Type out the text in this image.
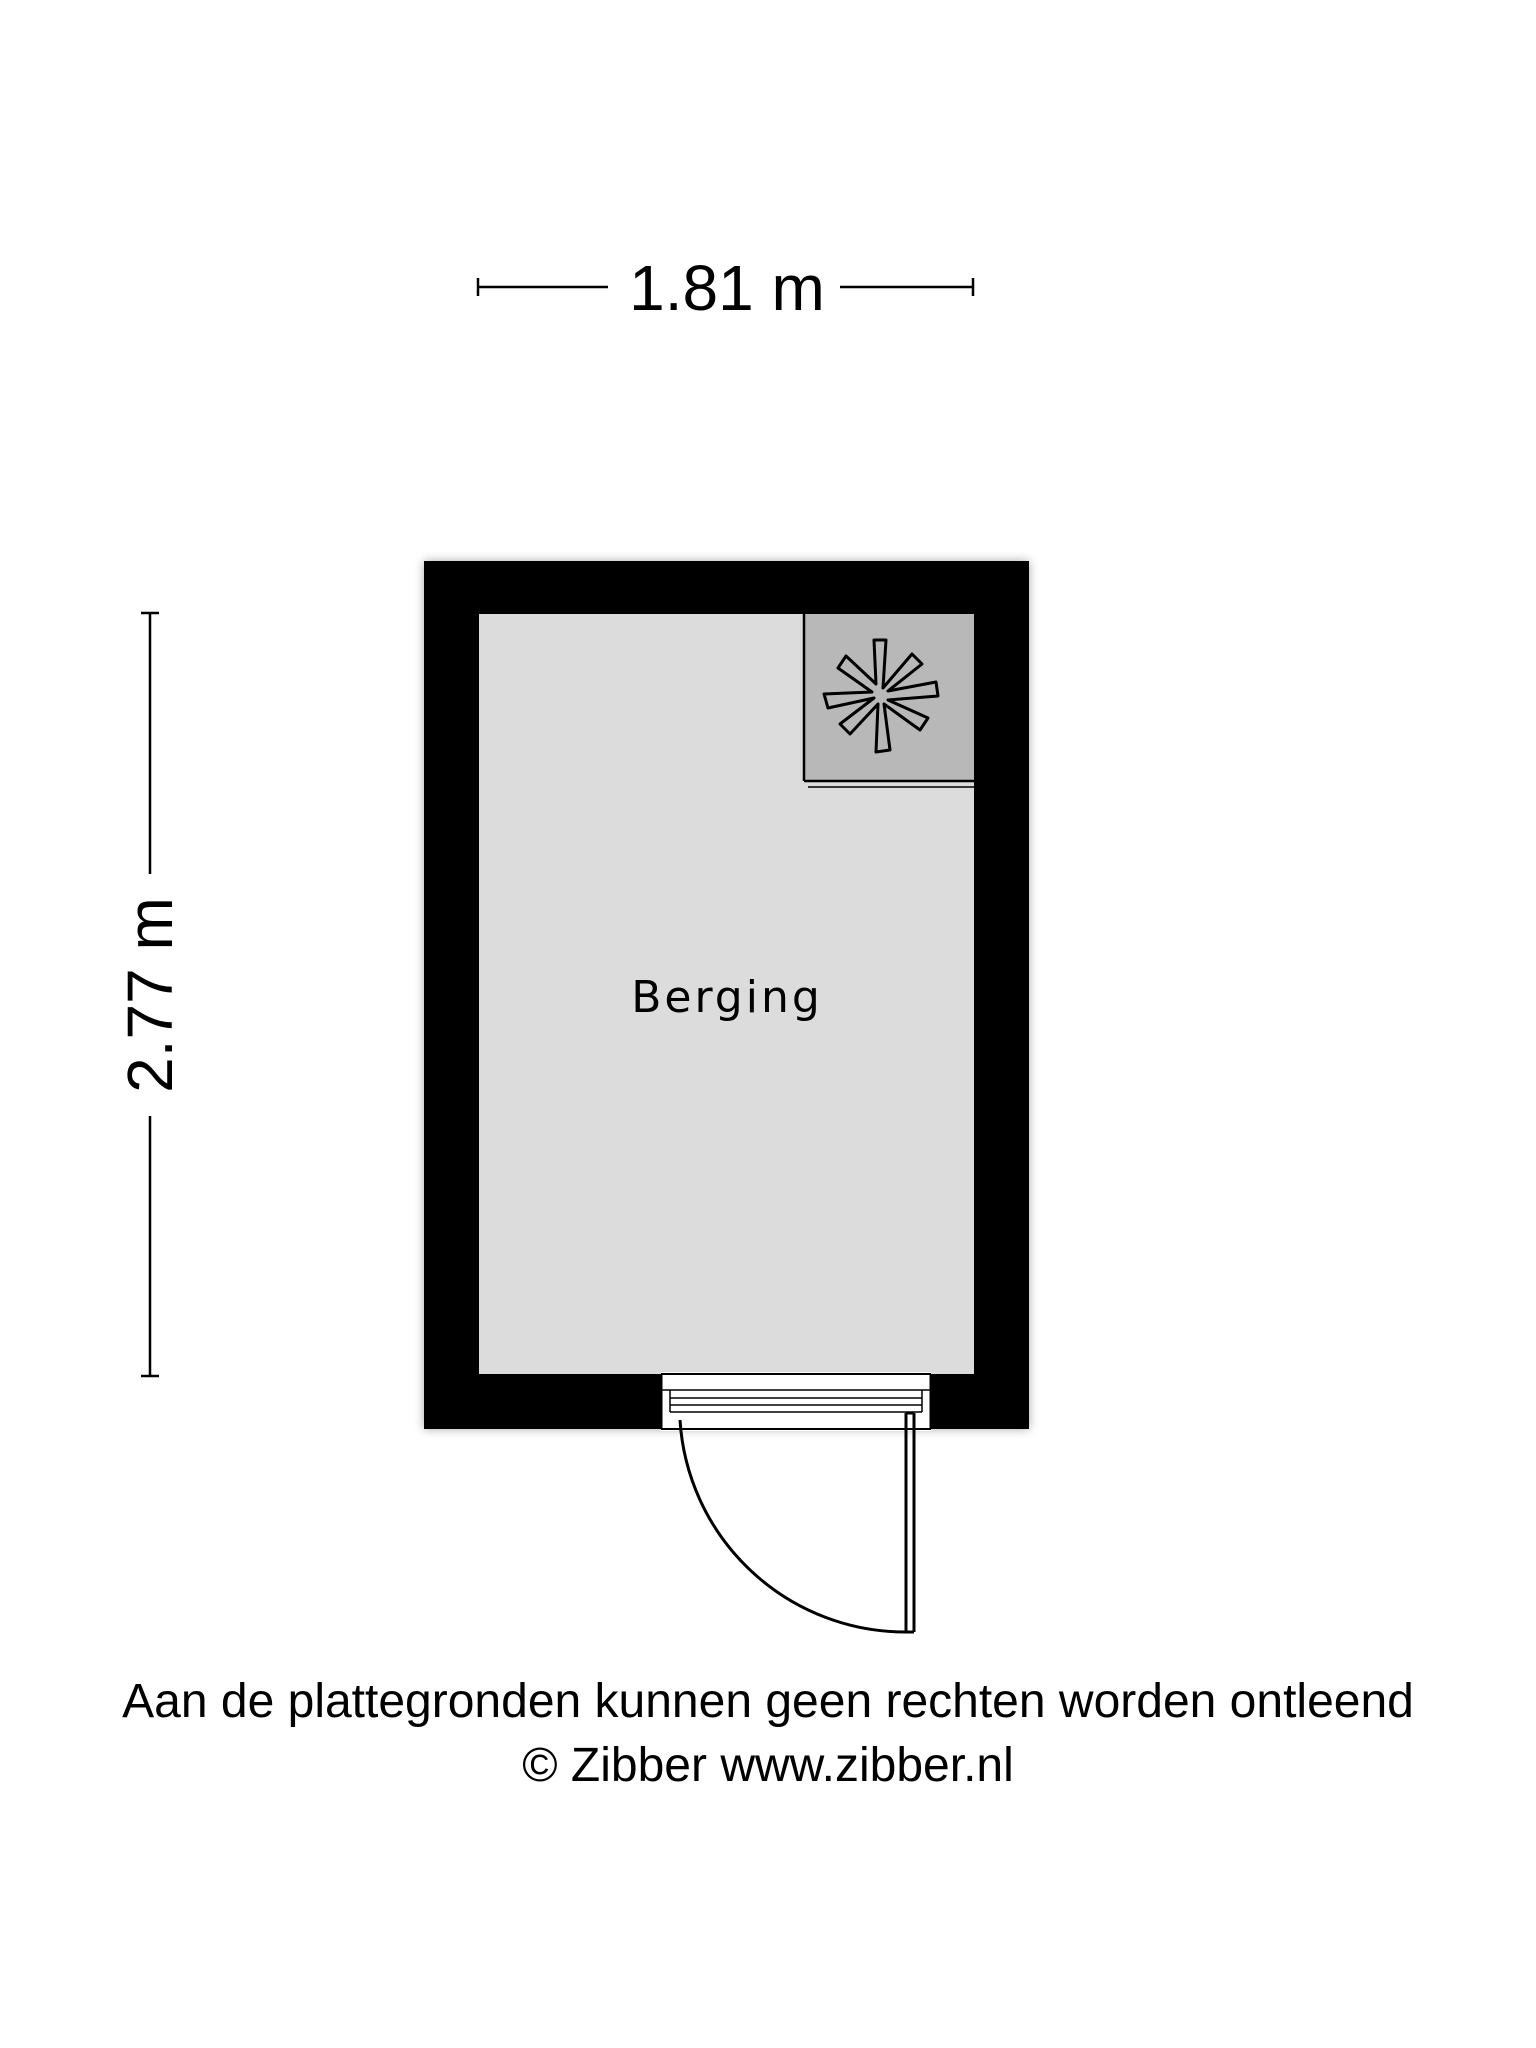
1.81 m
2.77 m	Berging
Aan de plattegronden kunnen geen rechten worden ontleend
© Zibber www.zibber.nl
